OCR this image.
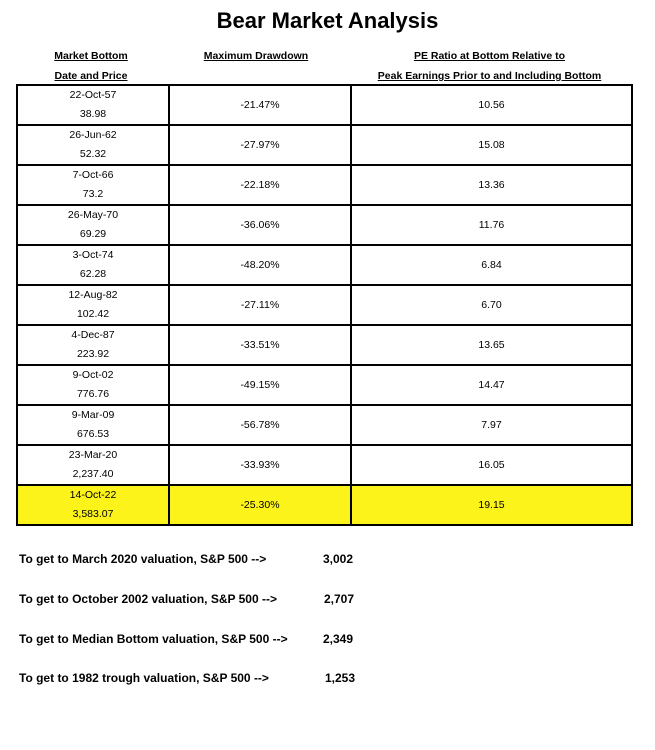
Bear Market Analysis
Market Bottom
Date and Price
Maximum Drawdown	PE Ratio at Bottom Relative to
Peak Earnings Prior to and Including Bottom
22-Oct-57
38.98	-21.47%	10.56

26-Jun-62
52.32	-27.97%	15.08

7-Oct-66
73.2	-22.18%	13.36

26-May-70
69.29	-36.06%	11.76

3-Oct-74
62.28	-48.20%	6.84

12-Aug-82
102.42	-27.11%	6.70

4-Dec-87
223.92	-33.51%	13.65

9-Oct-02
776.76	-49.15%	14.47

9-Mar-09
676.53	-56.78%	7.97

23-Mar-20
2,237.40	-33.93%	16.05

14-Oct-22
3,583.07	-25.30%	19.15
To get to March 2020 valuation, S&P 500 -->	3,002
To get to October 2002 valuation, S&P 500 -->	2,707
To get to Median Bottom valuation, S&P 500 -->	2,349
To get to 1982 trough valuation, S&P 500 -->	1,253
